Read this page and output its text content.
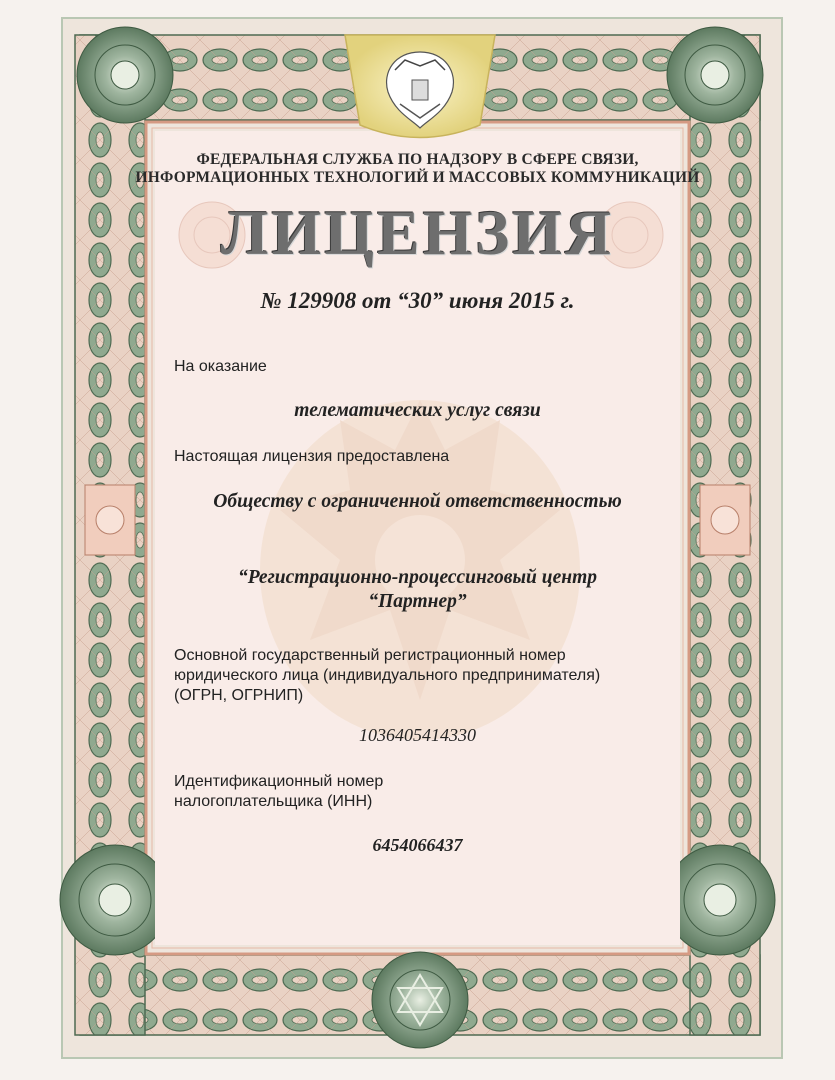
ФЕДЕРАЛЬНАЯ СЛУЖБА ПО НАДЗОРУ В СФЕРЕ СВЯЗИ,
ИНФОРМАЦИОННЫХ ТЕХНОЛОГИЙ И МАССОВЫХ КОММУНИКАЦИЙ
ЛИЦЕНЗИЯ
№ 129908 от “30” июня 2015 г.
На оказание
телематических услуг связи
Настоящая лицензия предоставлена
Обществу с ограниченной ответственностью
“Регистрационно-процессинговый центр
“Партнер”
Основной государственный регистрационный номер
юридического лица (индивидуального предпринимателя)
(ОГРН, ОГРНИП)
1036405414330
Идентификационный номер
налогоплательщика (ИНН)
6454066437
